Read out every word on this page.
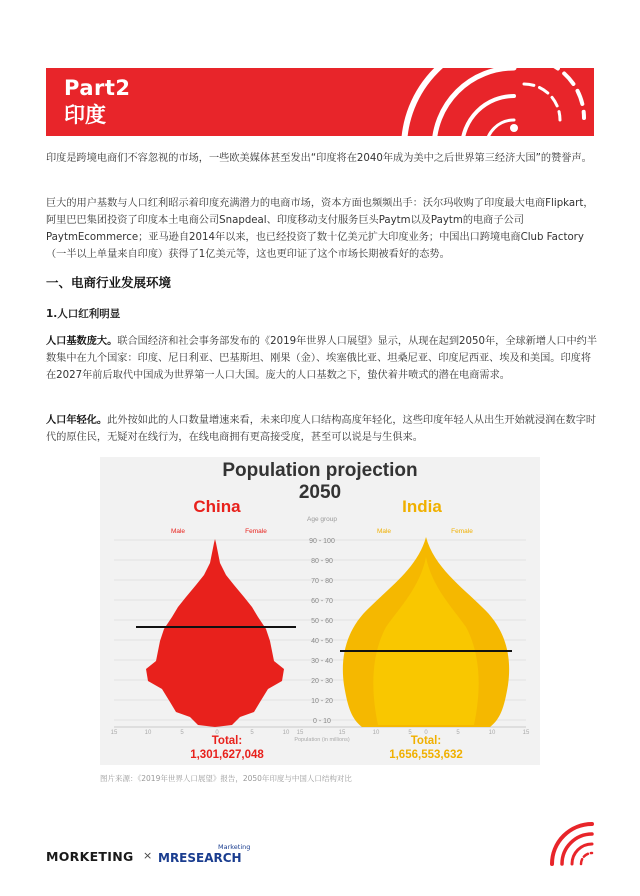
Part2
印度

印度是跨境电商们不容忽视的市场，一些欧美媒体甚至发出“印度将在2040年成为美中之后世界第三经济大国”的赞誉声。

巨大的用户基数与人口红利昭示着印度充满潜力的电商市场，资本方面也频频出手：沃尔玛收购了印度最大电商Flipkart，阿里巴巴集团投资了印度本土电商公司Snapdeal、印度移动支付服务巨头Paytm以及Paytm的电商子公司PaytmEcommerce；亚马逊自2014年以来，也已经投资了数十亿美元扩大印度业务；中国出口跨境电商Club Factory（一半以上单量来自印度）获得了1亿美元等，这也更印证了这个市场长期被看好的态势。

一、电商行业发展环境
1.人口红利明显

人口基数庞大。联合国经济和社会事务部发布的《2019年世界人口展望》显示，从现在起到2050年，全球新增人口中约半数集中在九个国家：印度、尼日利亚、巴基斯坦、刚果（金）、埃塞俄比亚、坦桑尼亚、印度尼西亚、埃及和美国。印度将在2027年前后取代中国成为世界第一人口大国。庞大的人口基数之下，蛰伏着井喷式的潜在电商需求。

人口年轻化。此外按如此的人口数量增速来看，未来印度人口结构高度年轻化，这些印度年轻人从出生开始就浸润在数字时代的原住民，无疑对在线行为，在线电商拥有更高接受度，甚至可以说是与生俱来。

Population projection
2050
China	India
Male	Female	Male	Female
Age group
90 - 100
80 - 90
70 - 80
60 - 70
50 - 60
40 - 50
30 - 40
20 - 30
10 - 20
0 - 10
15	15
10	10
5	5
0	0
5	5
10	10
15	15
Population (in millions)
Total:
1,301,627,048
Total:
1,656,553,632
图片来源：《2019年世界人口展望》报告，2050年印度与中国人口结构对比
MORKETING ×
Marketing
MRESEARCH
